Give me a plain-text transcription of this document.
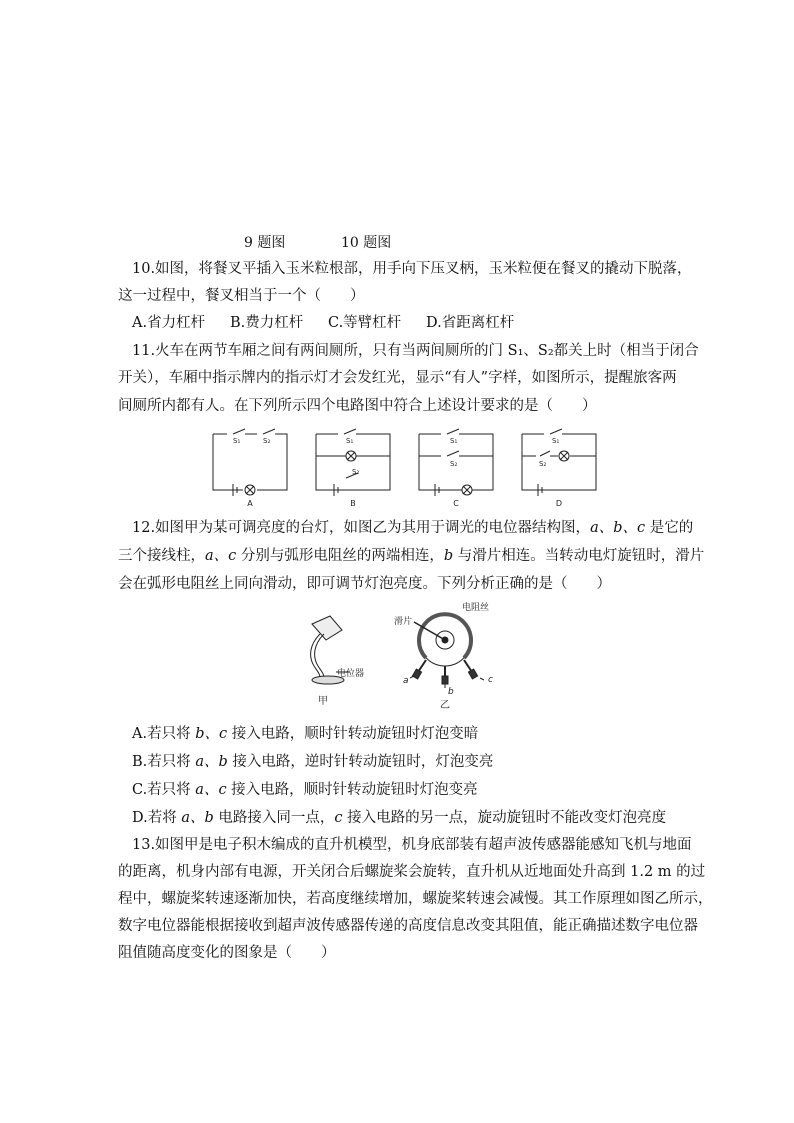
9 题图	10 题图
10.如图，将餐叉平插入玉米粒根部，用手向下压叉柄，玉米粒便在餐叉的撬动下脱落，
这一过程中，餐叉相当于一个（　　）
A.省力杠杆 B.费力杠杆 C.等臂杠杆 D.省距离杠杆
11.火车在两节车厢之间有两间厕所，只有当两间厕所的门 S₁、S₂都关上时（相当于闭合
开关），车厢中指示牌内的指示灯才会发红光，显示“有人”字样，如图所示，提醒旅客两
间厕所内都有人。在下列所示四个电路图中符合上述设计要求的是（　　）
S₁	S₂	S₁
S₂
S₁
S₂
S₁
S₂
A	B	C	D
12.如图甲为某可调亮度的台灯，如图乙为其用于调光的电位器结构图，a、b、c 是它的
三个接线柱，a、c 分别与弧形电阻丝的两端相连，b 与滑片相连。当转动电灯旋钮时，滑片
会在弧形电阻丝上同向滑动，即可调节灯泡亮度。下列分析正确的是（　　）
电位器
甲
滑片
电阻丝
a
b
c
乙
A.若只将 b、c 接入电路，顺时针转动旋钮时灯泡变暗
B.若只将 a、b 接入电路，逆时针转动旋钮时，灯泡变亮
C.若只将 a、c 接入电路，顺时针转动旋钮时灯泡变亮
D.若将 a、b 电路接入同一点，c 接入电路的另一点，旋动旋钮时不能改变灯泡亮度
13.如图甲是电子积木编成的直升机模型，机身底部装有超声波传感器能感知飞机与地面
的距离，机身内部有电源，开关闭合后螺旋桨会旋转，直升机从近地面处升高到 1.2 m 的过
程中，螺旋桨转速逐渐加快，若高度继续增加，螺旋桨转速会减慢。其工作原理如图乙所示，
数字电位器能根据接收到超声波传感器传递的高度信息改变其阻值，能正确描述数字电位器
阻值随高度变化的图象是（　　）
